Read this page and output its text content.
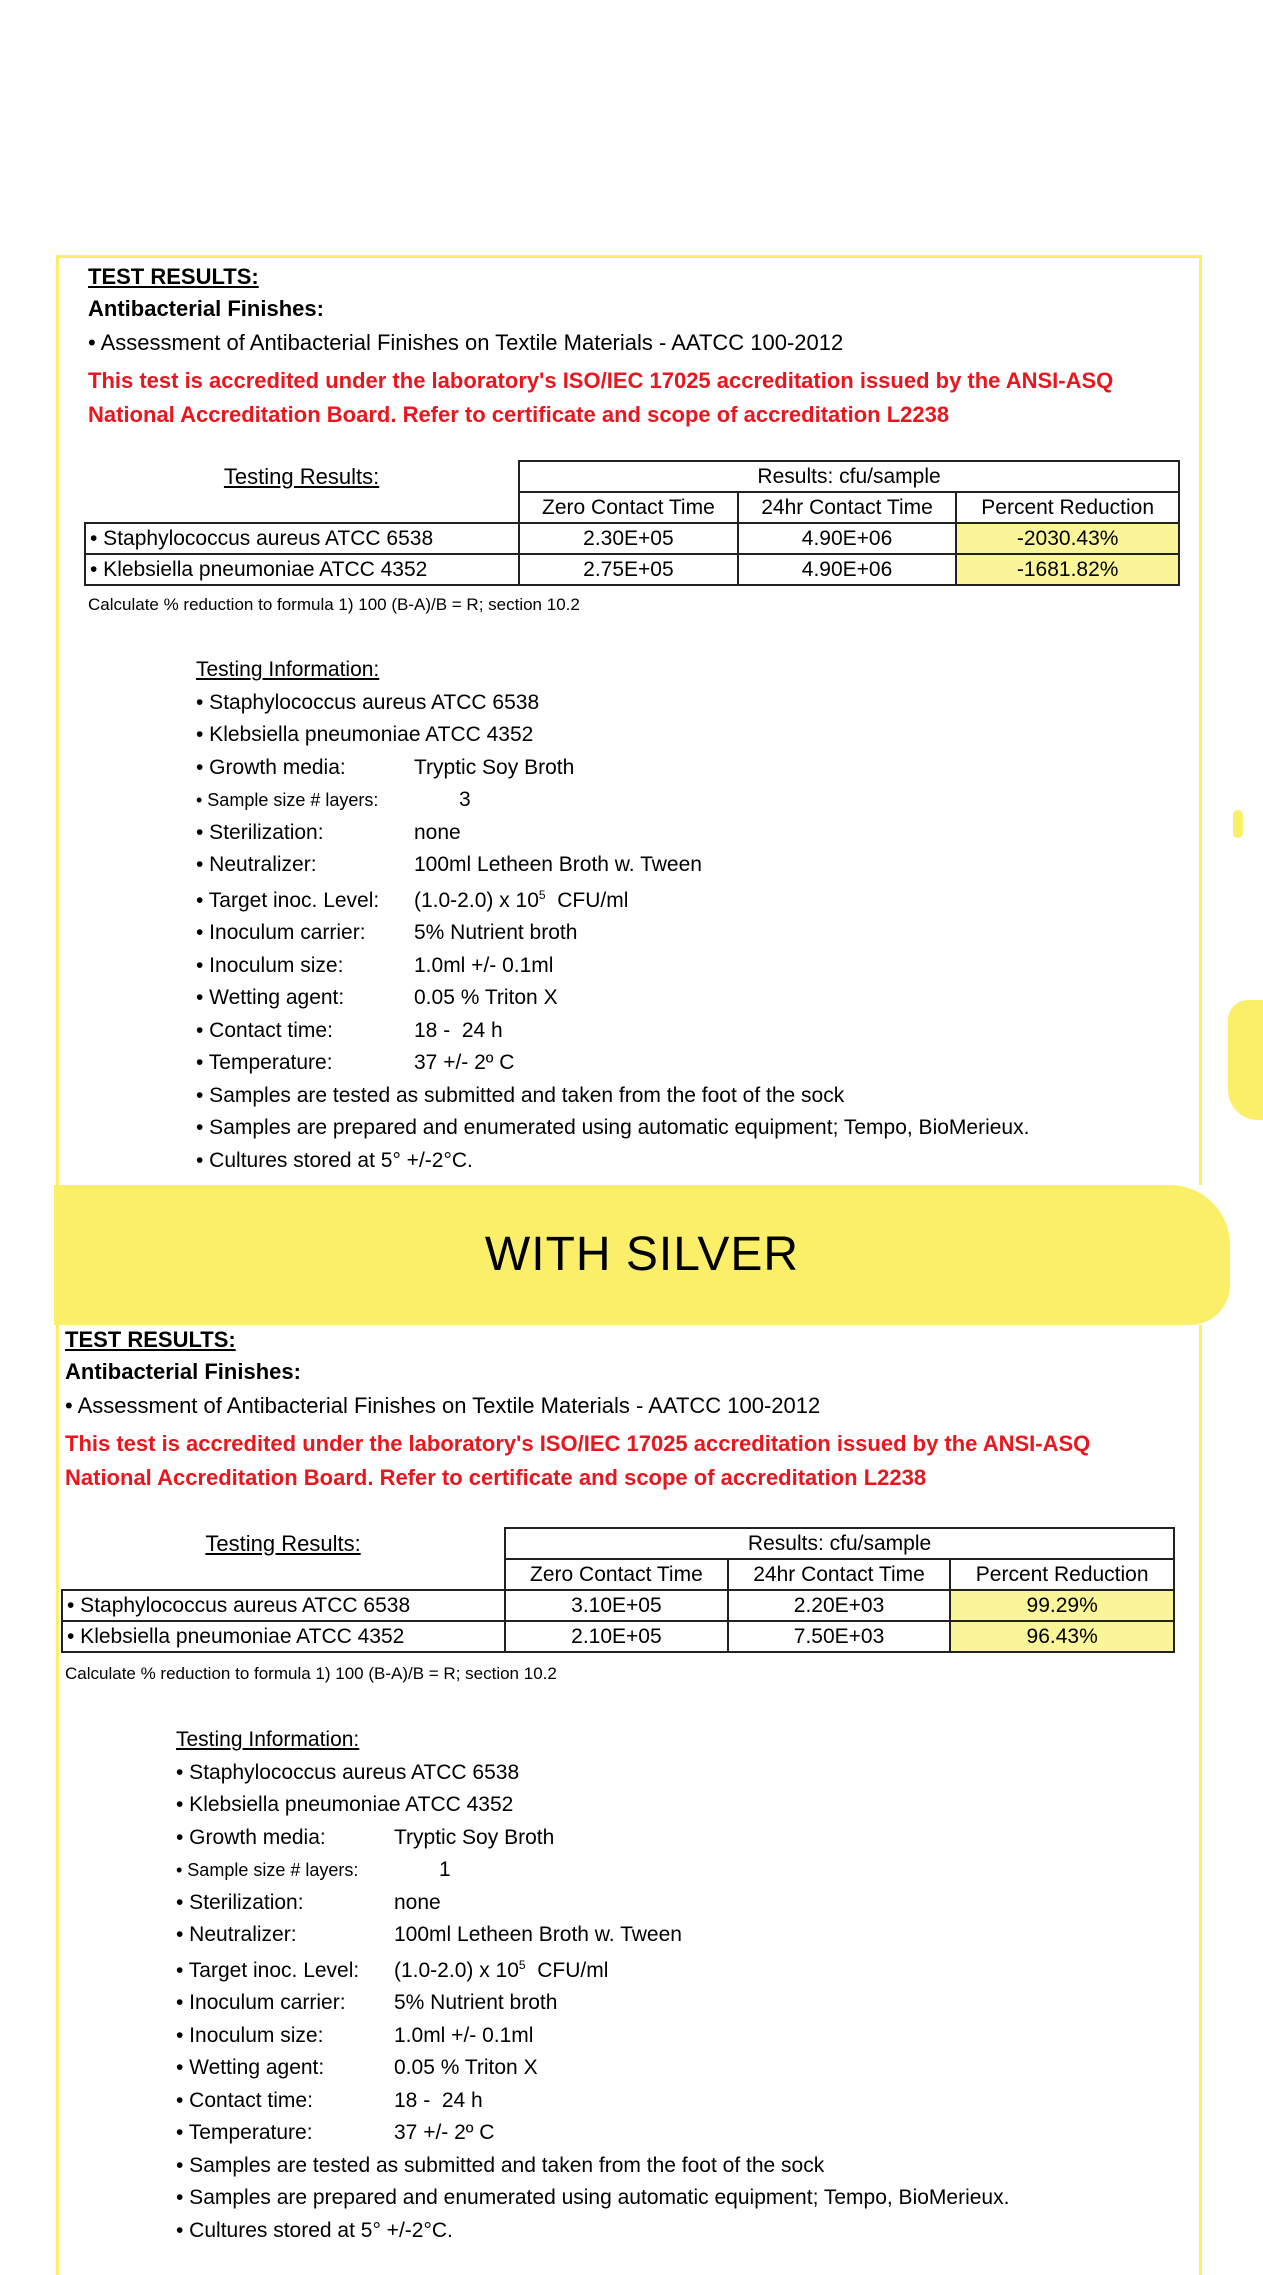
WITH SILVER
TEST RESULTS:
Antibacterial Finishes:
• Assessment of Antibacterial Finishes on Textile Materials - AATCC 100-2012
This test is accredited under the laboratory's ISO/IEC 17025 accreditation issued by the ANSI-ASQ
National Accreditation Board. Refer to certificate and scope of accreditation L2238
Testing Results:	Results: cfu/sample		
	Zero Contact Time	24hr Contact Time	Percent Reduction
• Staphylococcus aureus ATCC 6538	2.30E+05	4.90E+06	-2030.43%
• Klebsiella pneumoniae ATCC 4352	2.75E+05	4.90E+06	-1681.82%
Calculate % reduction to formula 1) 100 (B-A)/B = R; section 10.2
Testing Information:
• Staphylococcus aureus ATCC 6538
• Klebsiella pneumoniae ATCC 4352
• Growth media:	Tryptic Soy Broth
• Sample size # layers:	3
• Sterilization:	none
• Neutralizer:	100ml Letheen Broth w. Tween
• Target inoc. Level:	(1.0-2.0) x $10^5$  CFU/ml
• Inoculum carrier:	5% Nutrient broth
• Inoculum size:	1.0ml +/- 0.1ml
• Wetting agent:	0.05 % Triton X
• Contact time:	18 -  24 h
• Temperature:	37 +/- 2º C
• Samples are tested as submitted and taken from the foot of the sock
• Samples are prepared and enumerated using automatic equipment; Tempo, BioMerieux.
• Cultures stored at 5° +/-2°C.
TEST RESULTS:
Antibacterial Finishes:
• Assessment of Antibacterial Finishes on Textile Materials - AATCC 100-2012
This test is accredited under the laboratory's ISO/IEC 17025 accreditation issued by the ANSI-ASQ
National Accreditation Board. Refer to certificate and scope of accreditation L2238
Testing Results:	Results: cfu/sample		
	Zero Contact Time	24hr Contact Time	Percent Reduction
• Staphylococcus aureus ATCC 6538	3.10E+05	2.20E+03	99.29%
• Klebsiella pneumoniae ATCC 4352	2.10E+05	7.50E+03	96.43%
Calculate % reduction to formula 1) 100 (B-A)/B = R; section 10.2
Testing Information:
• Staphylococcus aureus ATCC 6538
• Klebsiella pneumoniae ATCC 4352
• Growth media:	Tryptic Soy Broth
• Sample size # layers:	1
• Sterilization:	none
• Neutralizer:	100ml Letheen Broth w. Tween
• Target inoc. Level:	(1.0-2.0) x $10^5$  CFU/ml
• Inoculum carrier:	5% Nutrient broth
• Inoculum size:	1.0ml +/- 0.1ml
• Wetting agent:	0.05 % Triton X
• Contact time:	18 -  24 h
• Temperature:	37 +/- 2º C
• Samples are tested as submitted and taken from the foot of the sock
• Samples are prepared and enumerated using automatic equipment; Tempo, BioMerieux.
• Cultures stored at 5° +/-2°C.
